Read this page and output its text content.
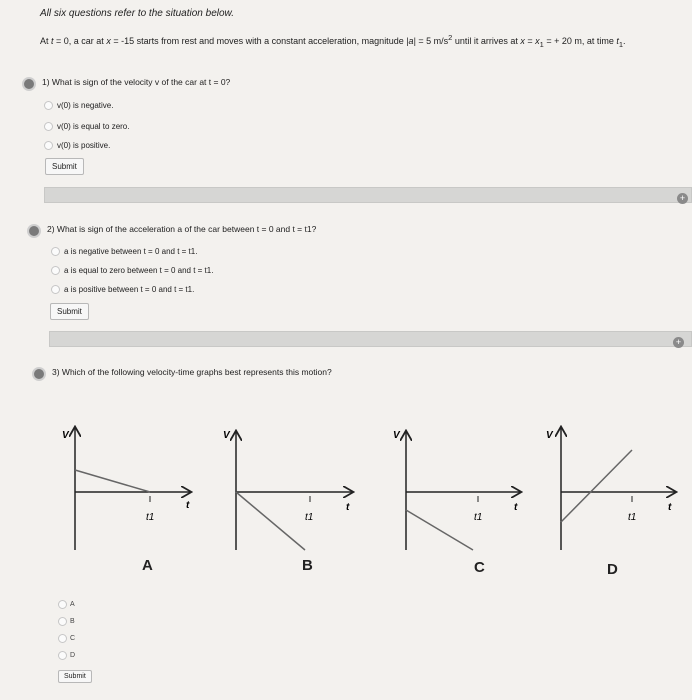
All six questions refer to the situation below.
At t = 0, a car at x = -15 starts from rest and moves with a constant acceleration, magnitude |a| = 5 $m/s^2$ until it arrives at $x = x_1$ = + 20 m, at time $t_1$.
1) What is sign of the velocity v of the car at t = 0?
v(0) is negative.
v(0) is equal to zero.
v(0) is positive.
Submit
+
2) What is sign of the acceleration a of the car between t = 0 and t = t1?
a is negative between t = 0 and t = t1.
a is equal to zero between t = 0 and t = t1.
a is positive between t = 0 and t = t1.
Submit
+
3) Which of the following velocity-time graphs best represents this motion?
V
t
t1
V
t
t1
V
t
t1
V
t
t1
A	B	C	D
A
B
C
D
Submit
